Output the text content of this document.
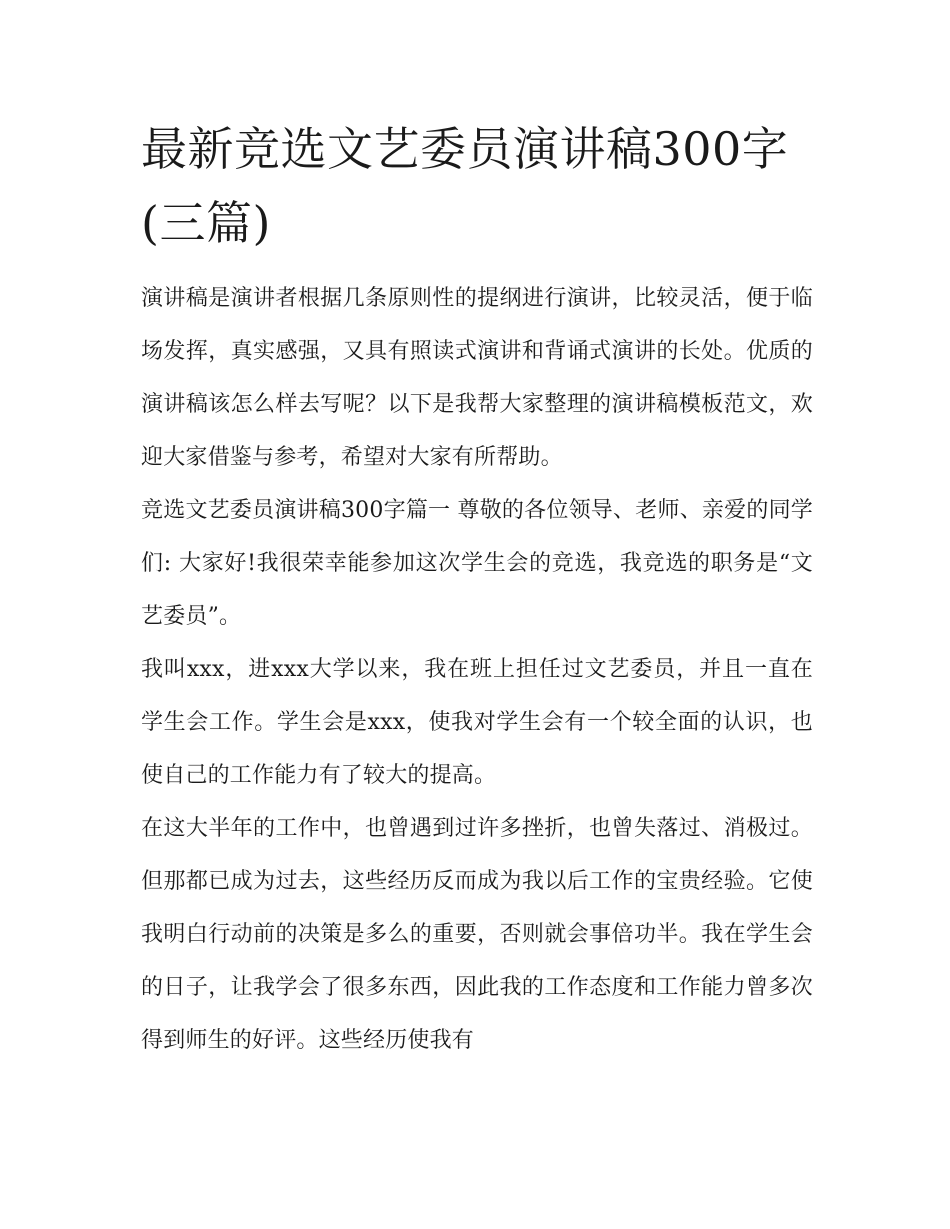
最新竞选文艺委员演讲稿300字(三篇)

演讲稿是演讲者根据几条原则性的提纲进行演讲，比较灵活，便于临场发挥，真实感强，又具有照读式演讲和背诵式演讲的长处。优质的演讲稿该怎么样去写呢？以下是我帮大家整理的演讲稿模板范文，欢迎大家借鉴与参考，希望对大家有所帮助。

竞选文艺委员演讲稿300字篇一 尊敬的各位领导、老师、亲爱的同学们: 大家好!我很荣幸能参加这次学生会的竞选，我竞选的职务是“文艺委员”。

我叫xxx，进xxx大学以来，我在班上担任过文艺委员，并且一直在学生会工作。学生会是xxx，使我对学生会有一个较全面的认识，也使自己的工作能力有了较大的提高。

在这大半年的工作中，也曾遇到过许多挫折，也曾失落过、消极过。但那都已成为过去，这些经历反而成为我以后工作的宝贵经验。它使我明白行动前的决策是多么的重要，否则就会事倍功半。我在学生会的日子，让我学会了很多东西，因此我的工作态度和工作能力曾多次得到师生的好评。这些经历使我有
